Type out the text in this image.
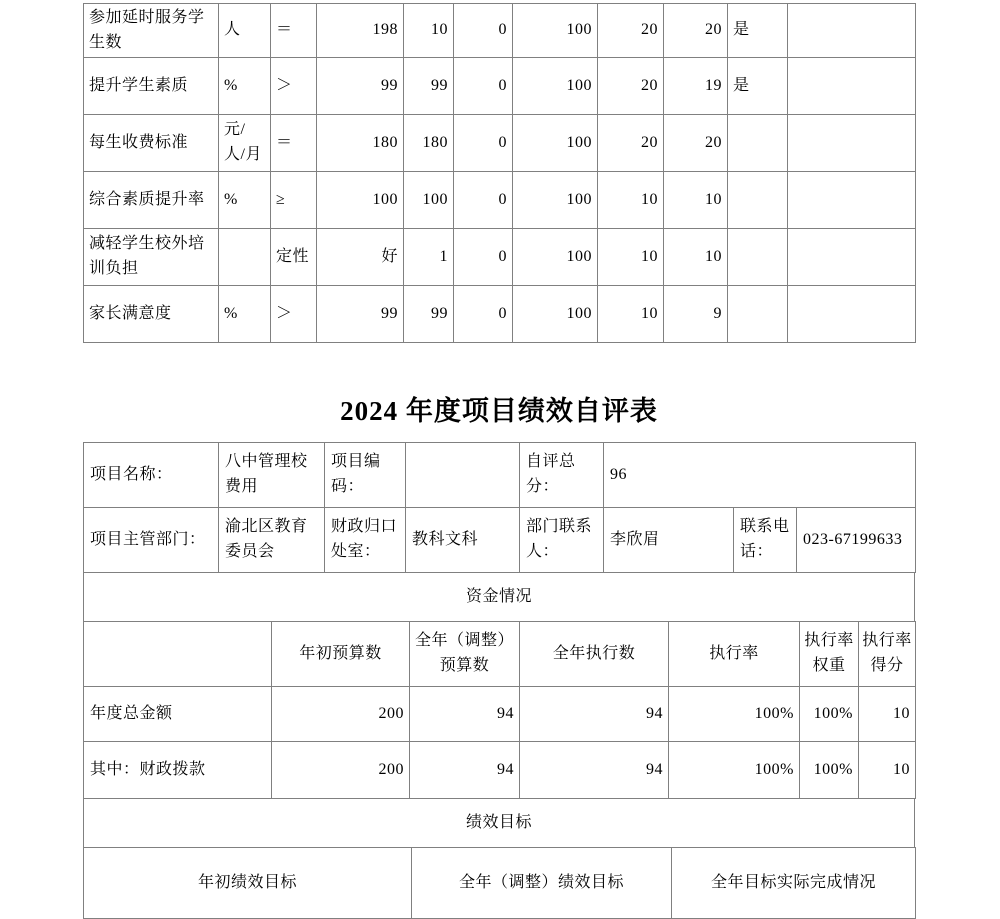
参加延时服务学生数	人	＝	198	10	0	100	20	20	是	
提升学生素质	%	＞	99	99	0	100	20	19	是	
每生收费标准	元/人/月	＝	180	180	0	100	20	20		
综合素质提升率	%	≥	100	100	0	100	10	10		
减轻学生校外培训负担		定性	好	1	0	100	10	10		
家长满意度	%	＞	99	99	0	100	10	9		
2024 年度项目绩效自评表
项目名称：	八中管理校费用	项目编码：		自评总分：	96		
项目主管部门：	渝北区教育委员会	财政归口处室：	教科文科	部门联系人：	李欣眉	联系电话：	023-67199633
资金情况
	年初预算数	全年（调整）预算数	全年执行数	执行率	执行率权重	执行率得分
年度总金额	200	94	94	100%	100%	10
其中：财政拨款	200	94	94	100%	100%	10
绩效目标
年初绩效目标	全年（调整）绩效目标	全年目标实际完成情况
